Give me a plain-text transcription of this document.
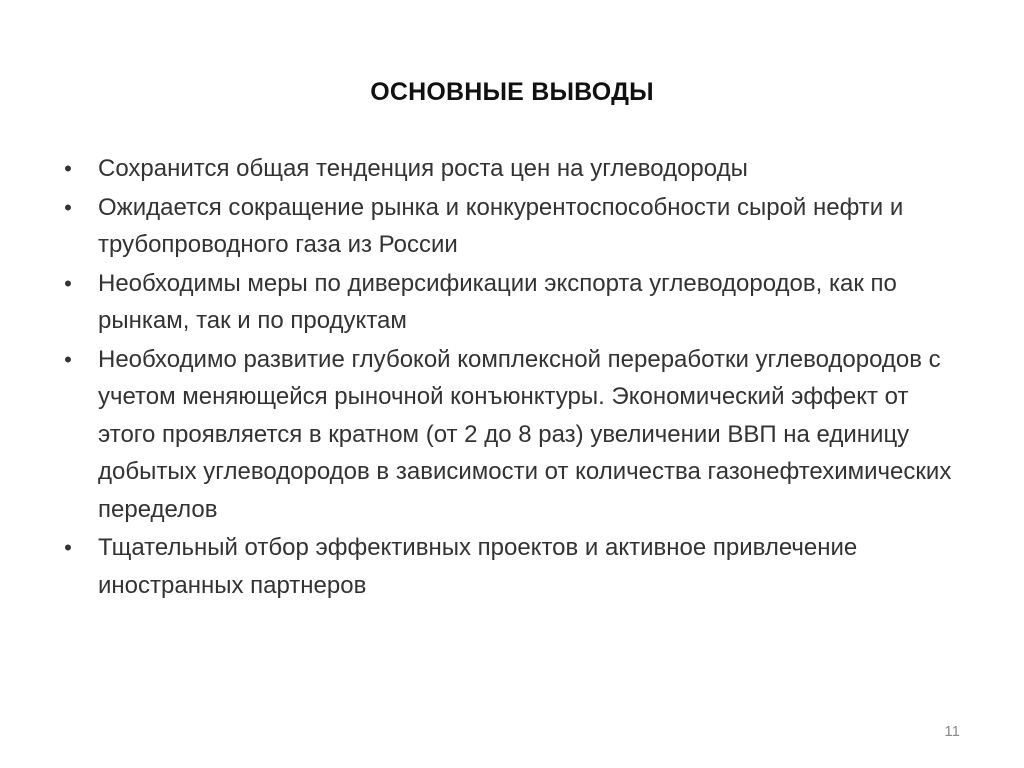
ОСНОВНЫЕ ВЫВОДЫ
• Сохранится общая тенденция роста цен на углеводороды
• Ожидается сокращение рынка и конкурентоспособности сырой нефти и трубопроводного газа из России
• Необходимы меры по диверсификации экспорта углеводородов, как по рынкам, так и по продуктам
• Необходимо развитие глубокой комплексной переработки углеводородов с учетом меняющейся рыночной конъюнктуры. Экономический эффект от этого проявляется в кратном (от 2 до 8 раз) увеличении ВВП на единицу добытых углеводородов в зависимости от количества газонефтехимических переделов
• Тщательный отбор эффективных проектов и активное привлечение иностранных партнеров
11
